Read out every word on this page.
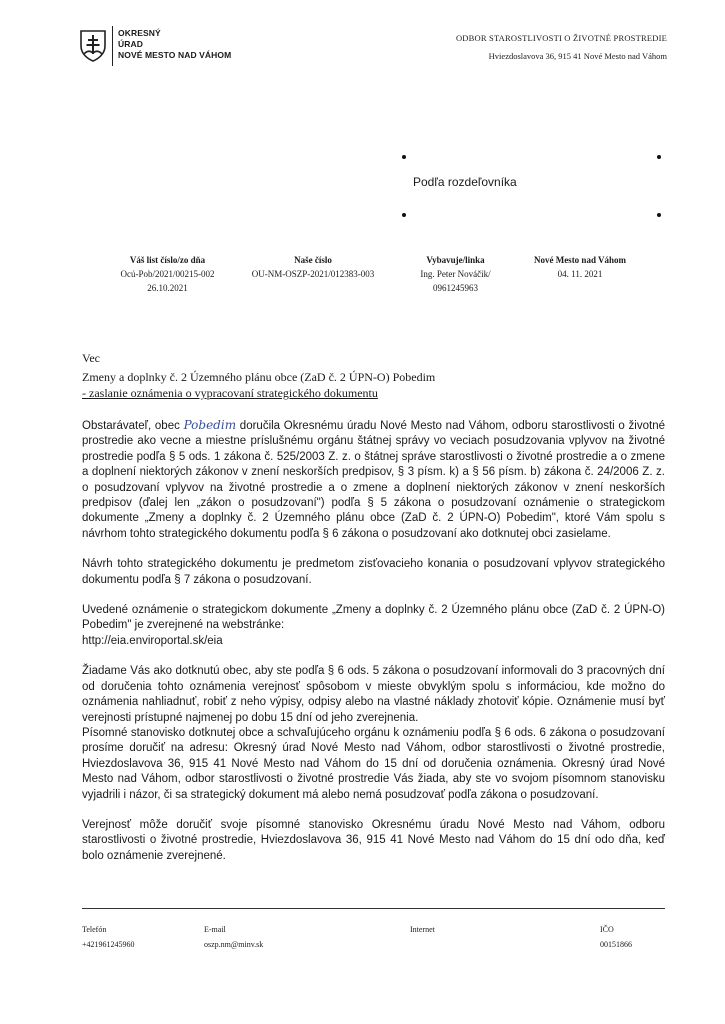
OKRESNÝ
ÚRAD
NOVÉ MESTO NAD VÁHOM
ODBOR STAROSTLIVOSTI O ŽIVOTNÉ PROSTREDIE
Hviezdoslavova 36, 915 41 Nové Mesto nad Váhom
Podľa rozdeľovníka
Váš list číslo/zo dňa
Ocú-Pob/2021/00215-002
26.10.2021
Naše číslo
OU-NM-OSZP-2021/012383-003
Vybavuje/linka
Ing. Peter Nováčik/
0961245963
Nové Mesto nad Váhom
04. 11. 2021
Vec
Zmeny a doplnky č. 2 Územného plánu obce (ZaD č. 2 ÚPN-O) Pobedim
- zaslanie oznámenia o vypracovaní strategického dokumentu

Obstarávateľ, obec Pobedim doručila Okresnému úradu Nové Mesto nad Váhom, odboru starostlivosti o životné prostredie ako vecne a miestne príslušnému orgánu štátnej správy vo veciach posudzovania vplyvov na životné prostredie podľa § 5 ods. 1 zákona č. 525/2003 Z. z. o štátnej správe starostlivosti o životné prostredie a o zmene a doplnení niektorých zákonov v znení neskorších predpisov, § 3 písm. k) a § 56 písm. b) zákona č. 24/2006 Z. z. o posudzovaní vplyvov na životné prostredie a o zmene a doplnení niektorých zákonov v znení neskorších predpisov (ďalej len „zákon o posudzovaní") podľa § 5 zákona o posudzovaní oznámenie o strategickom dokumente „Zmeny a doplnky č. 2 Územného plánu obce (ZaD č. 2 ÚPN-O) Pobedim", ktoré Vám spolu s návrhom tohto strategického dokumentu podľa § 6 zákona o posudzovaní ako dotknutej obci zasielame.

Návrh tohto strategického dokumentu je predmetom zisťovacieho konania o posudzovaní vplyvov strategického dokumentu podľa § 7 zákona o posudzovaní.

Uvedené oznámenie o strategickom dokumente „Zmeny a doplnky č. 2 Územného plánu obce (ZaD č. 2 ÚPN-O) Pobedim" je zverejnené na webstránke:

http://eia.enviroportal.sk/eia

Žiadame Vás ako dotknutú obec, aby ste podľa § 6 ods. 5 zákona o posudzovaní informovali do 3 pracovných dní od doručenia tohto oznámenia verejnosť spôsobom v mieste obvyklým spolu s informáciou, kde možno do oznámenia nahliadnuť, robiť z neho výpisy, odpisy alebo na vlastné náklady zhotoviť kópie. Oznámenie musí byť verejnosti prístupné najmenej po dobu 15 dní od jeho zverejnenia.

Písomné stanovisko dotknutej obce a schvaľujúceho orgánu k oznámeniu podľa § 6 ods. 6 zákona o posudzovaní prosíme doručiť na adresu: Okresný úrad Nové Mesto nad Váhom, odbor starostlivosti o životné prostredie, Hviezdoslavova 36, 915 41 Nové Mesto nad Váhom do 15 dní od doručenia oznámenia. Okresný úrad Nové Mesto nad Váhom, odbor starostlivosti o životné prostredie Vás žiada, aby ste vo svojom písomnom stanovisku vyjadrili i názor, či sa strategický dokument má alebo nemá posudzovať podľa zákona o posudzovaní.

Verejnosť môže doručiť svoje písomné stanovisko Okresnému úradu Nové Mesto nad Váhom, odboru starostlivosti o životné prostredie, Hviezdoslavova 36, 915 41 Nové Mesto nad Váhom do 15 dní odo dňa, keď bolo oznámenie zverejnené.

Telefón
+421961245960
E-mail
oszp.nm@minv.sk
Internet	IČO
00151866
